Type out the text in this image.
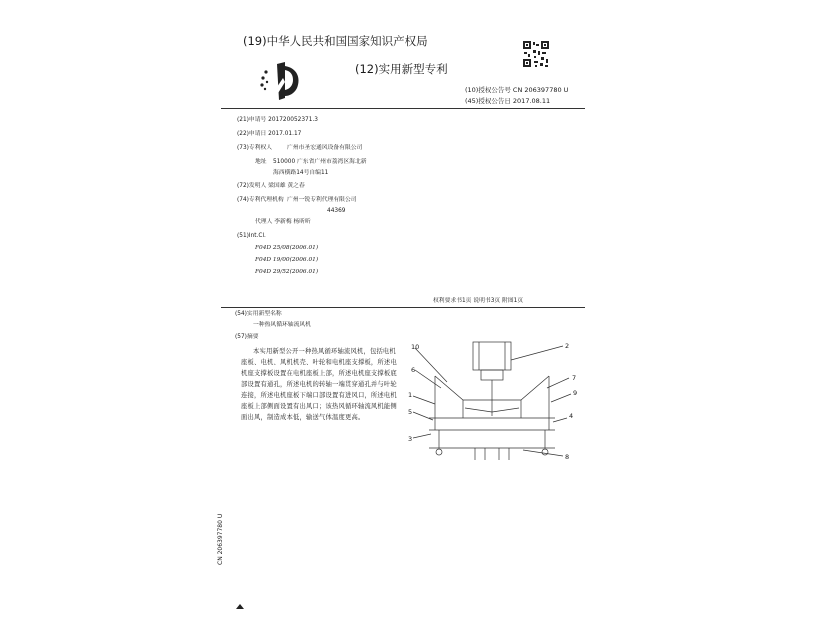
(19)中华人民共和国国家知识产权局
(12)实用新型专利
(10)授权公告号 CN 206397780 U
(45)授权公告日 2017.08.11
(21)申请号 201720052371.3
(22)申请日 2017.01.17
(73)专利权人	广州市圣宏通风设备有限公司
地址 510000 广东省广州市荔湾区海北新
海西横路14号自编11
(72)发明人 梁国雄 黄之春
(74)专利代理机构 广州一锐专利代理有限公司
44369
代理人 李新梅 杨昕昕
(51)Int.Cl.
F04D 25/08(2006.01)
F04D 19/00(2006.01)
F04D 29/52(2006.01)
权利要求书1页 说明书3页 附图1页
(54)实用新型名称
一种热风循环轴流风机
(57)摘要
本实用新型公开一种热风循环轴流风机，包括电机座板、电机、风机机壳、叶轮和电机座支撑板，所述电机座支撑板设置在电机座板上部，所述电机座支撑板底部设置有通孔，所述电机的转轴一端贯穿通孔并与叶轮连接，所述电机座板下端口部设置有进风口，所述电机座板上部侧面设置有出风口；该热风循环轴流风机能侧面出风，制造成本低，输送气体温度更高。
10	2
6
7
9
1
5	4
3
8
CN 206397780 U
